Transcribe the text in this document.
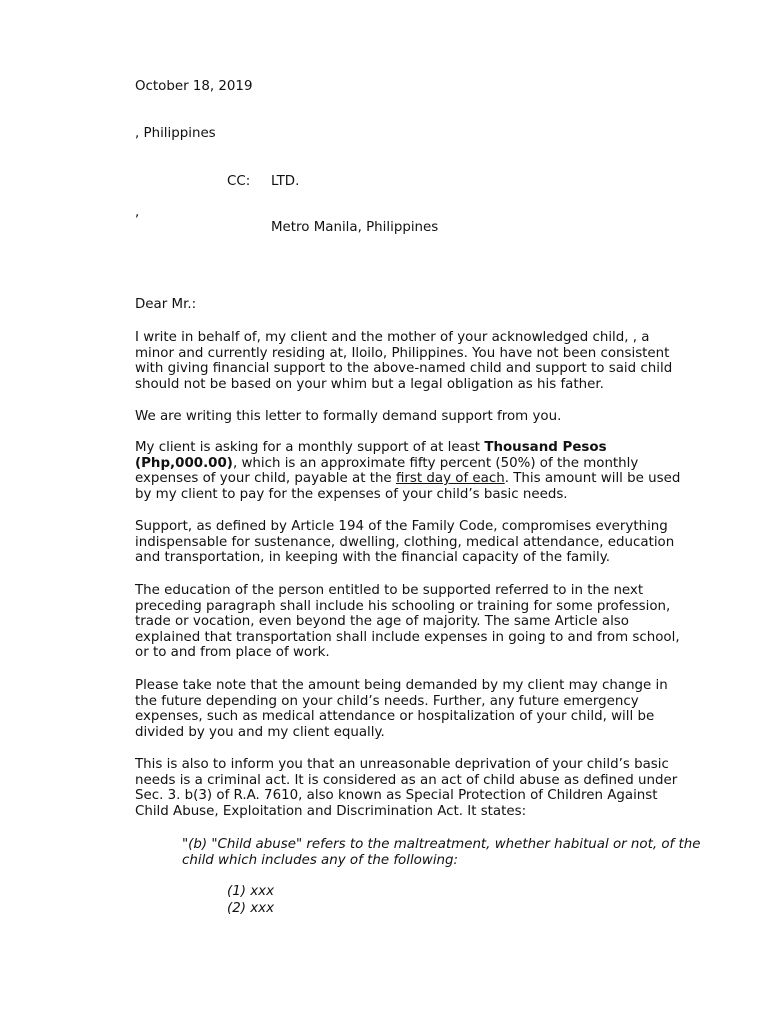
October 18, 2019
, Philippines
CC: LTD.
,
Metro Manila, Philippines
Dear Mr.:

I write in behalf of, my client and the mother of your acknowledged child, , a minor and currently residing at, Iloilo, Philippines. You have not been consistent with giving financial support to the above-named child and support to said child should not be based on your whim but a legal obligation as his father.

We are writing this letter to formally demand support from you.

My client is asking for a monthly support of at least Thousand Pesos (Php,000.00), which is an approximate fifty percent (50%) of the monthly expenses of your child, payable at the first day of each. This amount will be used by my client to pay for the expenses of your child’s basic needs.

Support, as defined by Article 194 of the Family Code, compromises everything indispensable for sustenance, dwelling, clothing, medical attendance, education and transportation, in keeping with the financial capacity of the family.

The education of the person entitled to be supported referred to in the next preceding paragraph shall include his schooling or training for some profession, trade or vocation, even beyond the age of majority. The same Article also explained that transportation shall include expenses in going to and from school, or to and from place of work.

Please take note that the amount being demanded by my client may change in the future depending on your child’s needs. Further, any future emergency expenses, such as medical attendance or hospitalization of your child, will be divided by you and my client equally.

This is also to inform you that an unreasonable deprivation of your child’s basic needs is a criminal act. It is considered as an act of child abuse as defined under Sec. 3. b(3) of R.A. 7610, also known as Special Protection of Children Against Child Abuse, Exploitation and Discrimination Act. It states:

"(b) "Child abuse" refers to the maltreatment, whether habitual or not, of the child which includes any of the following:
(1) xxx
(2) xxx
